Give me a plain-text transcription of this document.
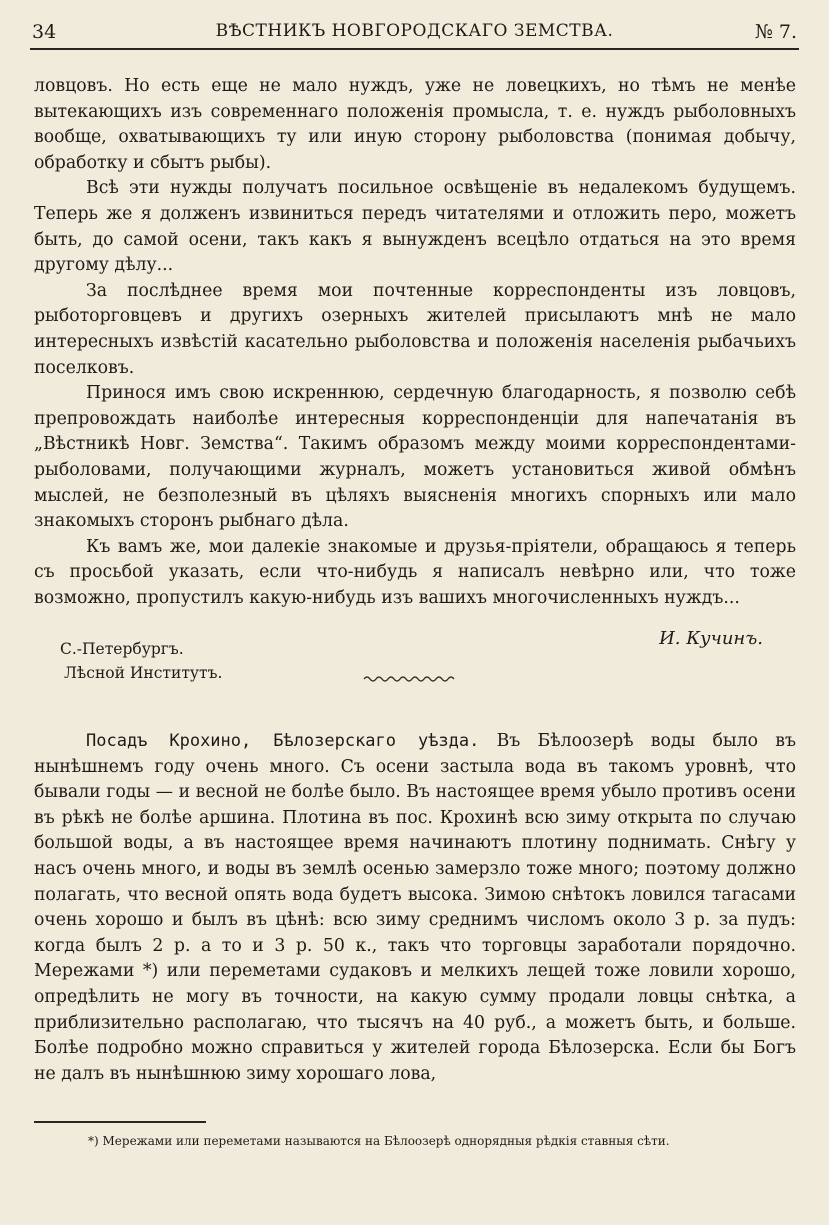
34	ВѢСТНИКЪ НОВГОРОДСКАГО ЗЕМСТВА.	№ 7.

ловцовъ. Но есть еще не мало нуждъ, уже не ловецкихъ, но тѣмъ не менѣе вытекающихъ изъ современнаго положенія промысла, т. е. нуждъ рыболовныхъ вообще, охватывающихъ ту или иную сторону рыболовства (понимая добычу, обработку и сбытъ рыбы).

Всѣ эти нужды получатъ посильное освѣщеніе въ недалекомъ будущемъ. Теперь же я долженъ извиниться передъ читателями и отложить перо, можетъ быть, до самой осени, такъ какъ я вынужденъ всецѣло отдаться на это время другому дѣлу...

За послѣднее время мои почтенные корреспонденты изъ ловцовъ, рыботорговцевъ и другихъ озерныхъ жителей присылаютъ мнѣ не мало интересныхъ извѣстій касательно рыболовства и положенія населенія рыбачьихъ поселковъ.

Принося имъ свою искреннюю, сердечную благодарность, я позволю себѣ препровождать наиболѣе интересныя корреспонденціи для напечатанія въ „Вѣстникѣ Новг. Земства“. Такимъ образомъ между моими корреспондентами-рыболовами, получающими журналъ, можетъ установиться живой обмѣнъ мыслей, не безполезный въ цѣляхъ выясненія многихъ спорныхъ или мало знакомыхъ сторонъ рыбнаго дѣла.

Къ вамъ же, мои далекіе знакомые и друзья-пріятели, обращаюсь я теперь съ просьбой указать, если что-нибудь я написалъ невѣрно или, что тоже возможно, пропустилъ какую-нибудь изъ вашихъ многочисленныхъ нуждъ...

С.-Петербургъ.
Лѣсной Институтъ.
И. Кучинъ.

Посадъ Крохино, Бѣлозерскаго уѣзда. Въ Бѣлоозерѣ воды было въ нынѣшнемъ году очень много. Съ осени застыла вода въ такомъ уровнѣ, что бывали годы — и весной не болѣе было. Въ настоящее время убыло противъ осени въ рѣкѣ не болѣе аршина. Плотина въ пос. Крохинѣ всю зиму открыта по случаю большой воды, а въ настоящее время начинаютъ плотину поднимать. Снѣгу у насъ очень много, и воды въ землѣ осенью замерзло тоже много; поэтому должно полагать, что весной опять вода будетъ высока. Зимою снѣтокъ ловился тагасами очень хорошо и былъ въ цѣнѣ: всю зиму среднимъ числомъ около 3 р. за пудъ: когда былъ 2 р. а то и 3 р. 50 к., такъ что торговцы заработали порядочно. Мережами *) или переметами судаковъ и мелкихъ лещей тоже ловили хорошо, опредѣлить не могу въ точности, на какую сумму продали ловцы снѣтка, а приблизительно располагаю, что тысячъ на 40 руб., а можетъ быть, и больше. Болѣе подробно можно справиться у жителей города Бѣлозерска. Если бы Богъ не далъ въ нынѣшнюю зиму хорошаго лова,

*) Мережами или переметами называются на Бѣлоозерѣ однорядныя рѣдкія ставныя сѣти.
